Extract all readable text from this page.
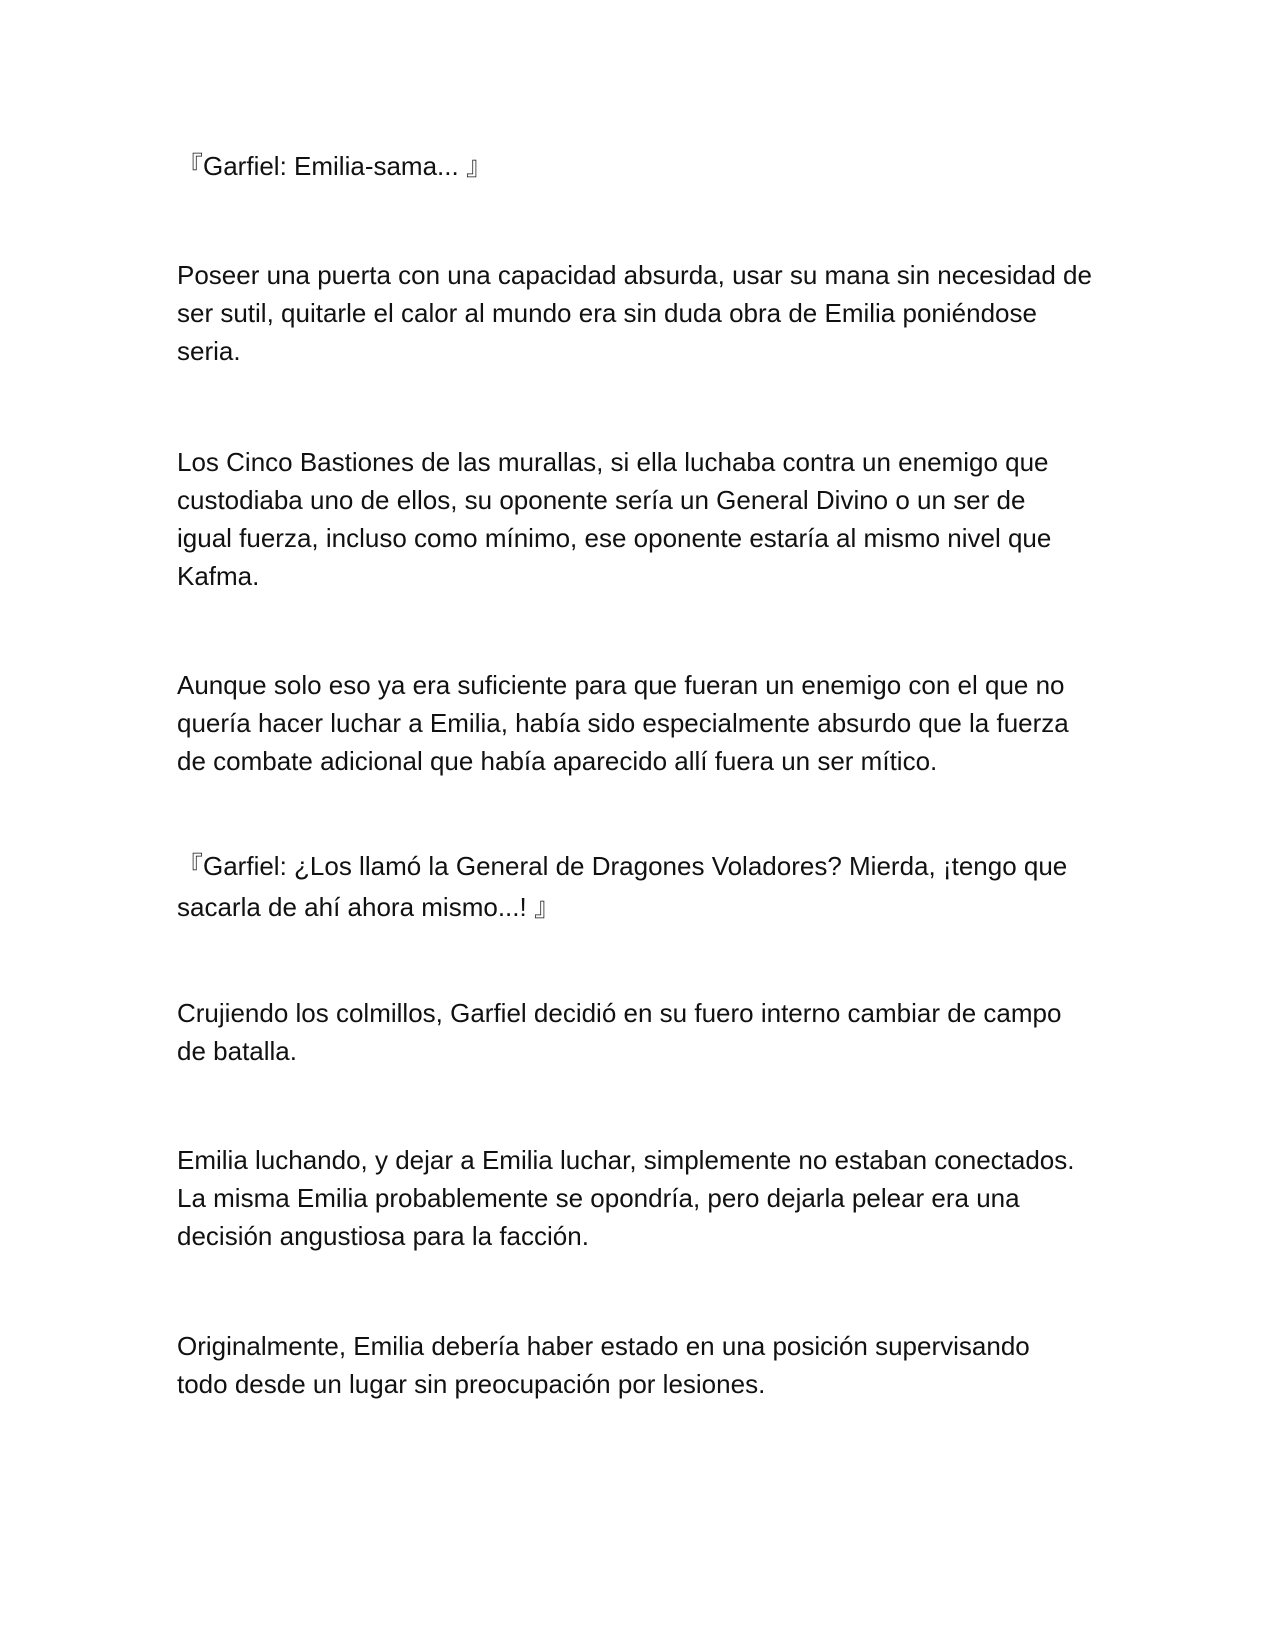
『Garfiel: Emilia-sama... 』

Poseer una puerta con una capacidad absurda, usar su mana sin necesidad de
ser sutil, quitarle el calor al mundo era sin duda obra de Emilia poniéndose
seria.

Los Cinco Bastiones de las murallas, si ella luchaba contra un enemigo que
custodiaba uno de ellos, su oponente sería un General Divino o un ser de
igual fuerza, incluso como mínimo, ese oponente estaría al mismo nivel que
Kafma.

Aunque solo eso ya era suficiente para que fueran un enemigo con el que no
quería hacer luchar a Emilia, había sido especialmente absurdo que la fuerza
de combate adicional que había aparecido allí fuera un ser mítico.

『Garfiel: ¿Los llamó la General de Dragones Voladores? Mierda, ¡tengo que
sacarla de ahí ahora mismo...! 』

Crujiendo los colmillos, Garfiel decidió en su fuero interno cambiar de campo
de batalla.

Emilia luchando, y dejar a Emilia luchar, simplemente no estaban conectados.
La misma Emilia probablemente se opondría, pero dejarla pelear era una
decisión angustiosa para la facción.

Originalmente, Emilia debería haber estado en una posición supervisando
todo desde un lugar sin preocupación por lesiones.
